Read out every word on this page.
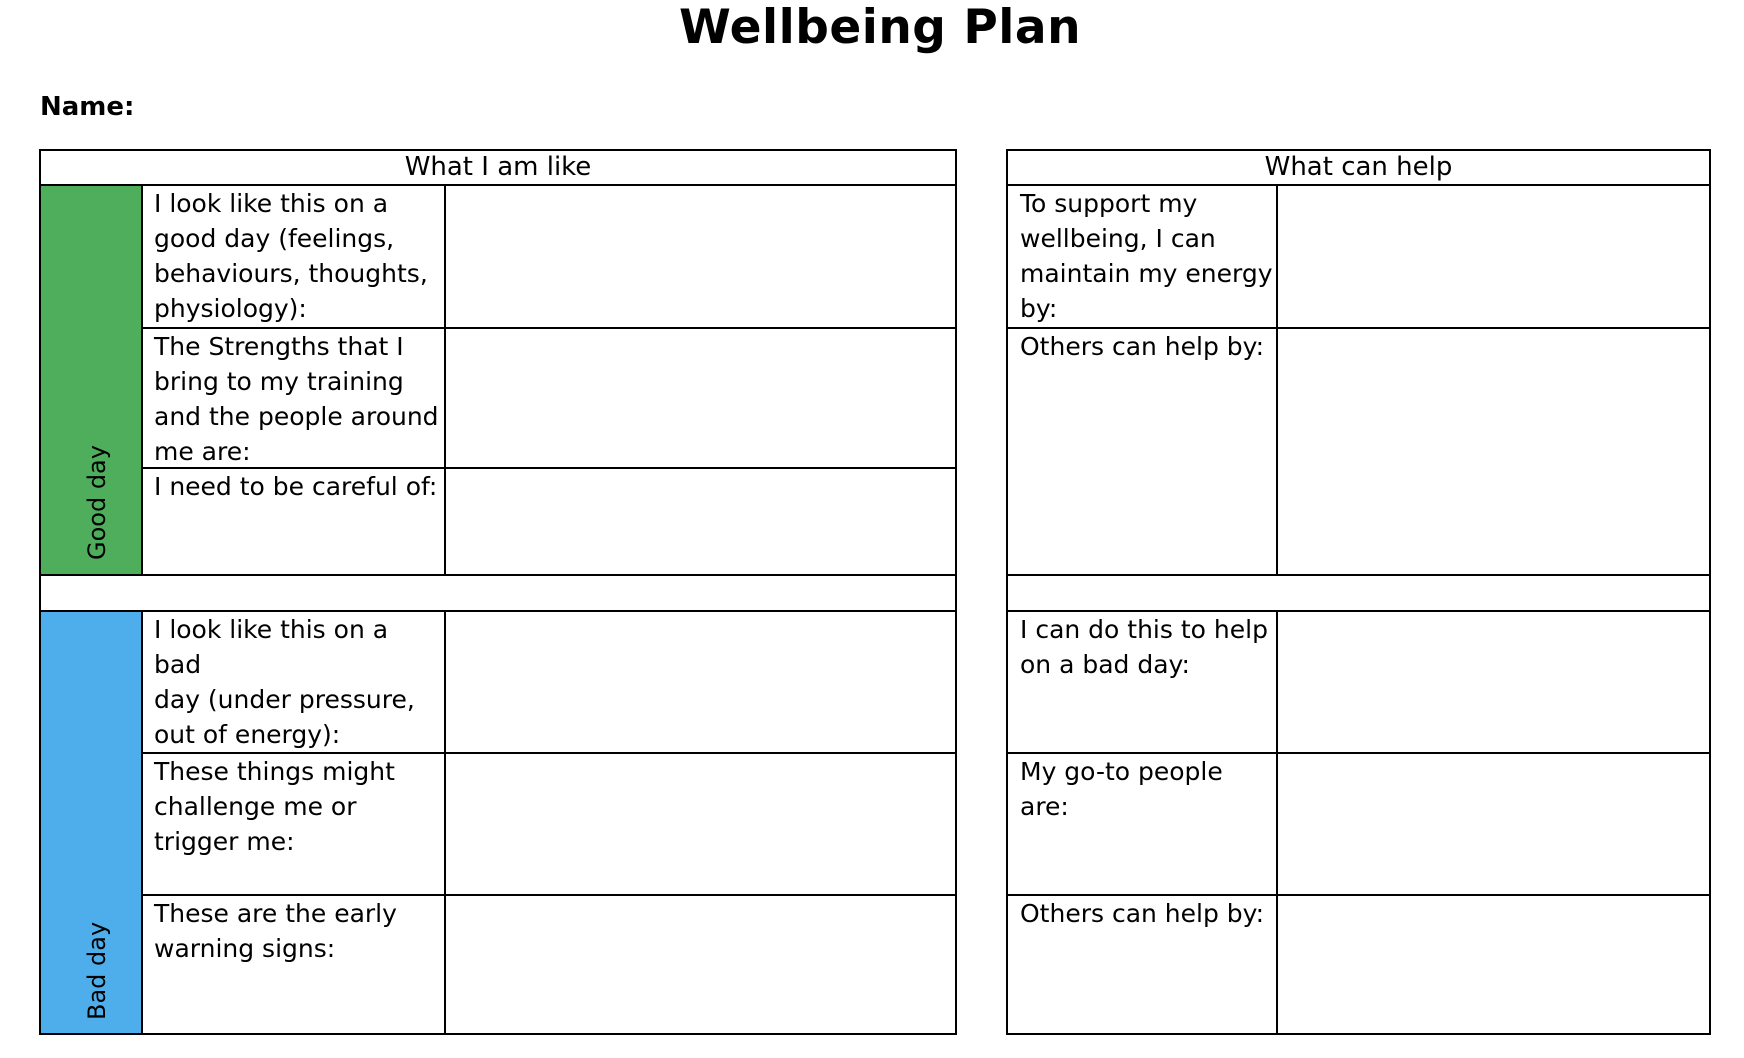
Wellbeing Plan
Name:
Good day
Bad day
What I am like	What can help
I look like this on a
good day (feelings,
behaviours, thoughts,
physiology):
The Strengths that I
bring to my training
and the people around
me are:
I need to be careful of:
I look like this on a bad
day (under pressure,
out of energy):
These things might
challenge me or
trigger me:
These are the early
warning signs:
To support my
wellbeing, I can
maintain my energy
by:
Others can help by:
I can do this to help
on a bad day:
My go-to people
are:
Others can help by:
